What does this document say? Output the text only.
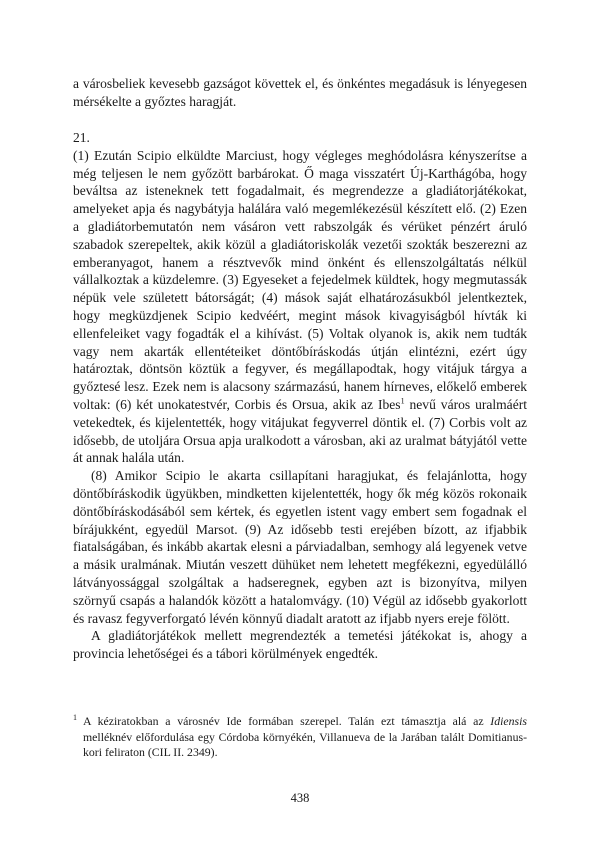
a városbeliek kevesebb gazságot követtek el, és önkéntes megadásuk is lényegesen mérsékelte a győztes haragját.

21.

(1) Ezután Scipio elküldte Marciust, hogy végleges meghódolásra kényszerítse a még teljesen le nem győzött barbárokat. Ő maga visszatért Új-Karthágóba, hogy beváltsa az isteneknek tett fogadalmait, és megrendezze a gladiátorjátékokat, amelyeket apja és nagybátyja halálára való megemlékezésül készített elő. (2) Ezen a gladiátorbemutatón nem vásáron vett rabszolgák és vérüket pénzért áruló szabadok szerepeltek, akik közül a gladiátoriskolák vezetői szokták beszerezni az emberanyagot, hanem a résztvevők mind önként és ellenszolgáltatás nélkül vállalkoztak a küzdelemre. (3) Egyeseket a fejedelmek küldtek, hogy megmutassák népük vele született bátorságát; (4) mások saját elhatározásukból jelentkeztek, hogy megküzdjenek Scipio kedvéért, megint mások kivagyiságból hívták ki ellenfeleiket vagy fogadták el a kihívást. (5) Voltak olyanok is, akik nem tudták vagy nem akarták ellentéteiket döntőbíráskodás útján elintézni, ezért úgy határoztak, döntsön köztük a fegyver, és megállapodtak, hogy vitájuk tárgya a győztesé lesz. Ezek nem is alacsony származású, hanem hírneves, előkelő emberek voltak: (6) két unokatestvér, Corbis és Orsua, akik az Ibes$^1$ nevű város uralmáért vetekedtek, és kijelentették, hogy vitájukat fegyverrel döntik el. (7) Corbis volt az idősebb, de utoljára Orsua apja uralkodott a városban, aki az uralmat bátyjától vette át annak halála után.

(8) Amikor Scipio le akarta csillapítani haragjukat, és felajánlotta, hogy döntőbíráskodik ügyükben, mindketten kijelentették, hogy ők még közös rokonaik döntőbíráskodásából sem kértek, és egyetlen istent vagy embert sem fogadnak el bírájukként, egyedül Marsot. (9) Az idősebb testi erejében bízott, az ifjabbik fiatalságában, és inkább akartak elesni a párviadalban, semhogy alá legyenek vetve a másik uralmának. Miután veszett dühüket nem lehetett megfékezni, egyedülálló látványossággal szolgáltak a hadseregnek, egyben azt is bizonyítva, milyen szörnyű csapás a halandók között a hatalomvágy. (10) Végül az idősebb gyakorlott és ravasz fegyverforgató lévén könnyű diadalt aratott az ifjabb nyers ereje fölött.

A gladiátorjátékok mellett megrendezték a temetési játékokat is, ahogy a provincia lehetőségei és a tábori körülmények engedték.

$^1$ A kéziratokban a városnév Ide formában szerepel. Talán ezt támasztja alá az Idiensis melléknév előfordulása egy Córdoba környékén, Villanueva de la Jarában talált Domitianus-kori feliraton (CIL II. 2349).

438
